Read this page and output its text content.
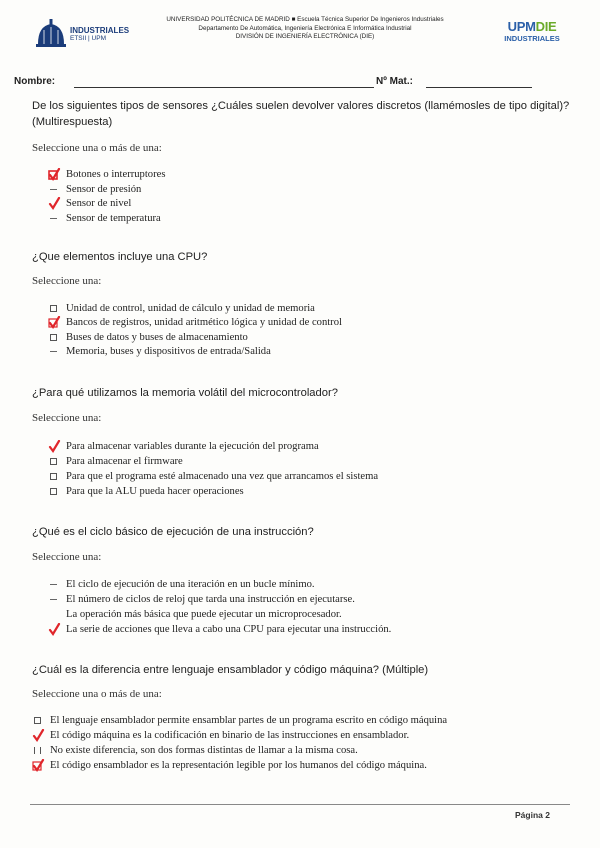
INDUSTRIALES
ETSII | UPM
UNIVERSIDAD POLITÉCNICA DE MADRID ■ Escuela Técnica Superior De Ingenieros Industriales
Departamento De Automática, Ingeniería Electrónica E Informática Industrial
DIVISIÓN DE INGENIERÍA ELECTRÓNICA (DIE)
UPMDIE
INDUSTRIALES
Nombre:	Nº Mat.:
De los siguientes tipos de sensores ¿Cuáles suelen devolver valores discretos (llamémosles de tipo digital)? (Multirespuesta)
Seleccione una o más de una:
Botones o interruptores
Sensor de presión
Sensor de nivel
Sensor de temperatura
¿Que elementos incluye una CPU?
Seleccione una:
Unidad de control, unidad de cálculo y unidad de memoria
Bancos de registros, unidad aritmético lógica y unidad de control
Buses de datos y buses de almacenamiento
Memoria, buses y dispositivos de entrada/Salida
¿Para qué utilizamos la memoria volátil del microcontrolador?
Seleccione una:
Para almacenar variables durante la ejecución del programa
Para almacenar el firmware
Para que el programa esté almacenado una vez que arrancamos el sistema
Para que la ALU pueda hacer operaciones
¿Qué es el ciclo básico de ejecución de una instrucción?
Seleccione una:
El ciclo de ejecución de una iteración en un bucle mínimo.
El número de ciclos de reloj que tarda una instrucción en ejecutarse.
La operación más básica que puede ejecutar un microprocesador.
La serie de acciones que lleva a cabo una CPU para ejecutar una instrucción.
¿Cuál es la diferencia entre lenguaje ensamblador y código máquina? (Múltiple)
Seleccione una o más de una:
El lenguaje ensamblador permite ensamblar partes de un programa escrito en código máquina
El código máquina es la codificación en binario de las instrucciones en ensamblador.
No existe diferencia, son dos formas distintas de llamar a la misma cosa.
El código ensamblador es la representación legible por los humanos del código máquina.
Página 2
